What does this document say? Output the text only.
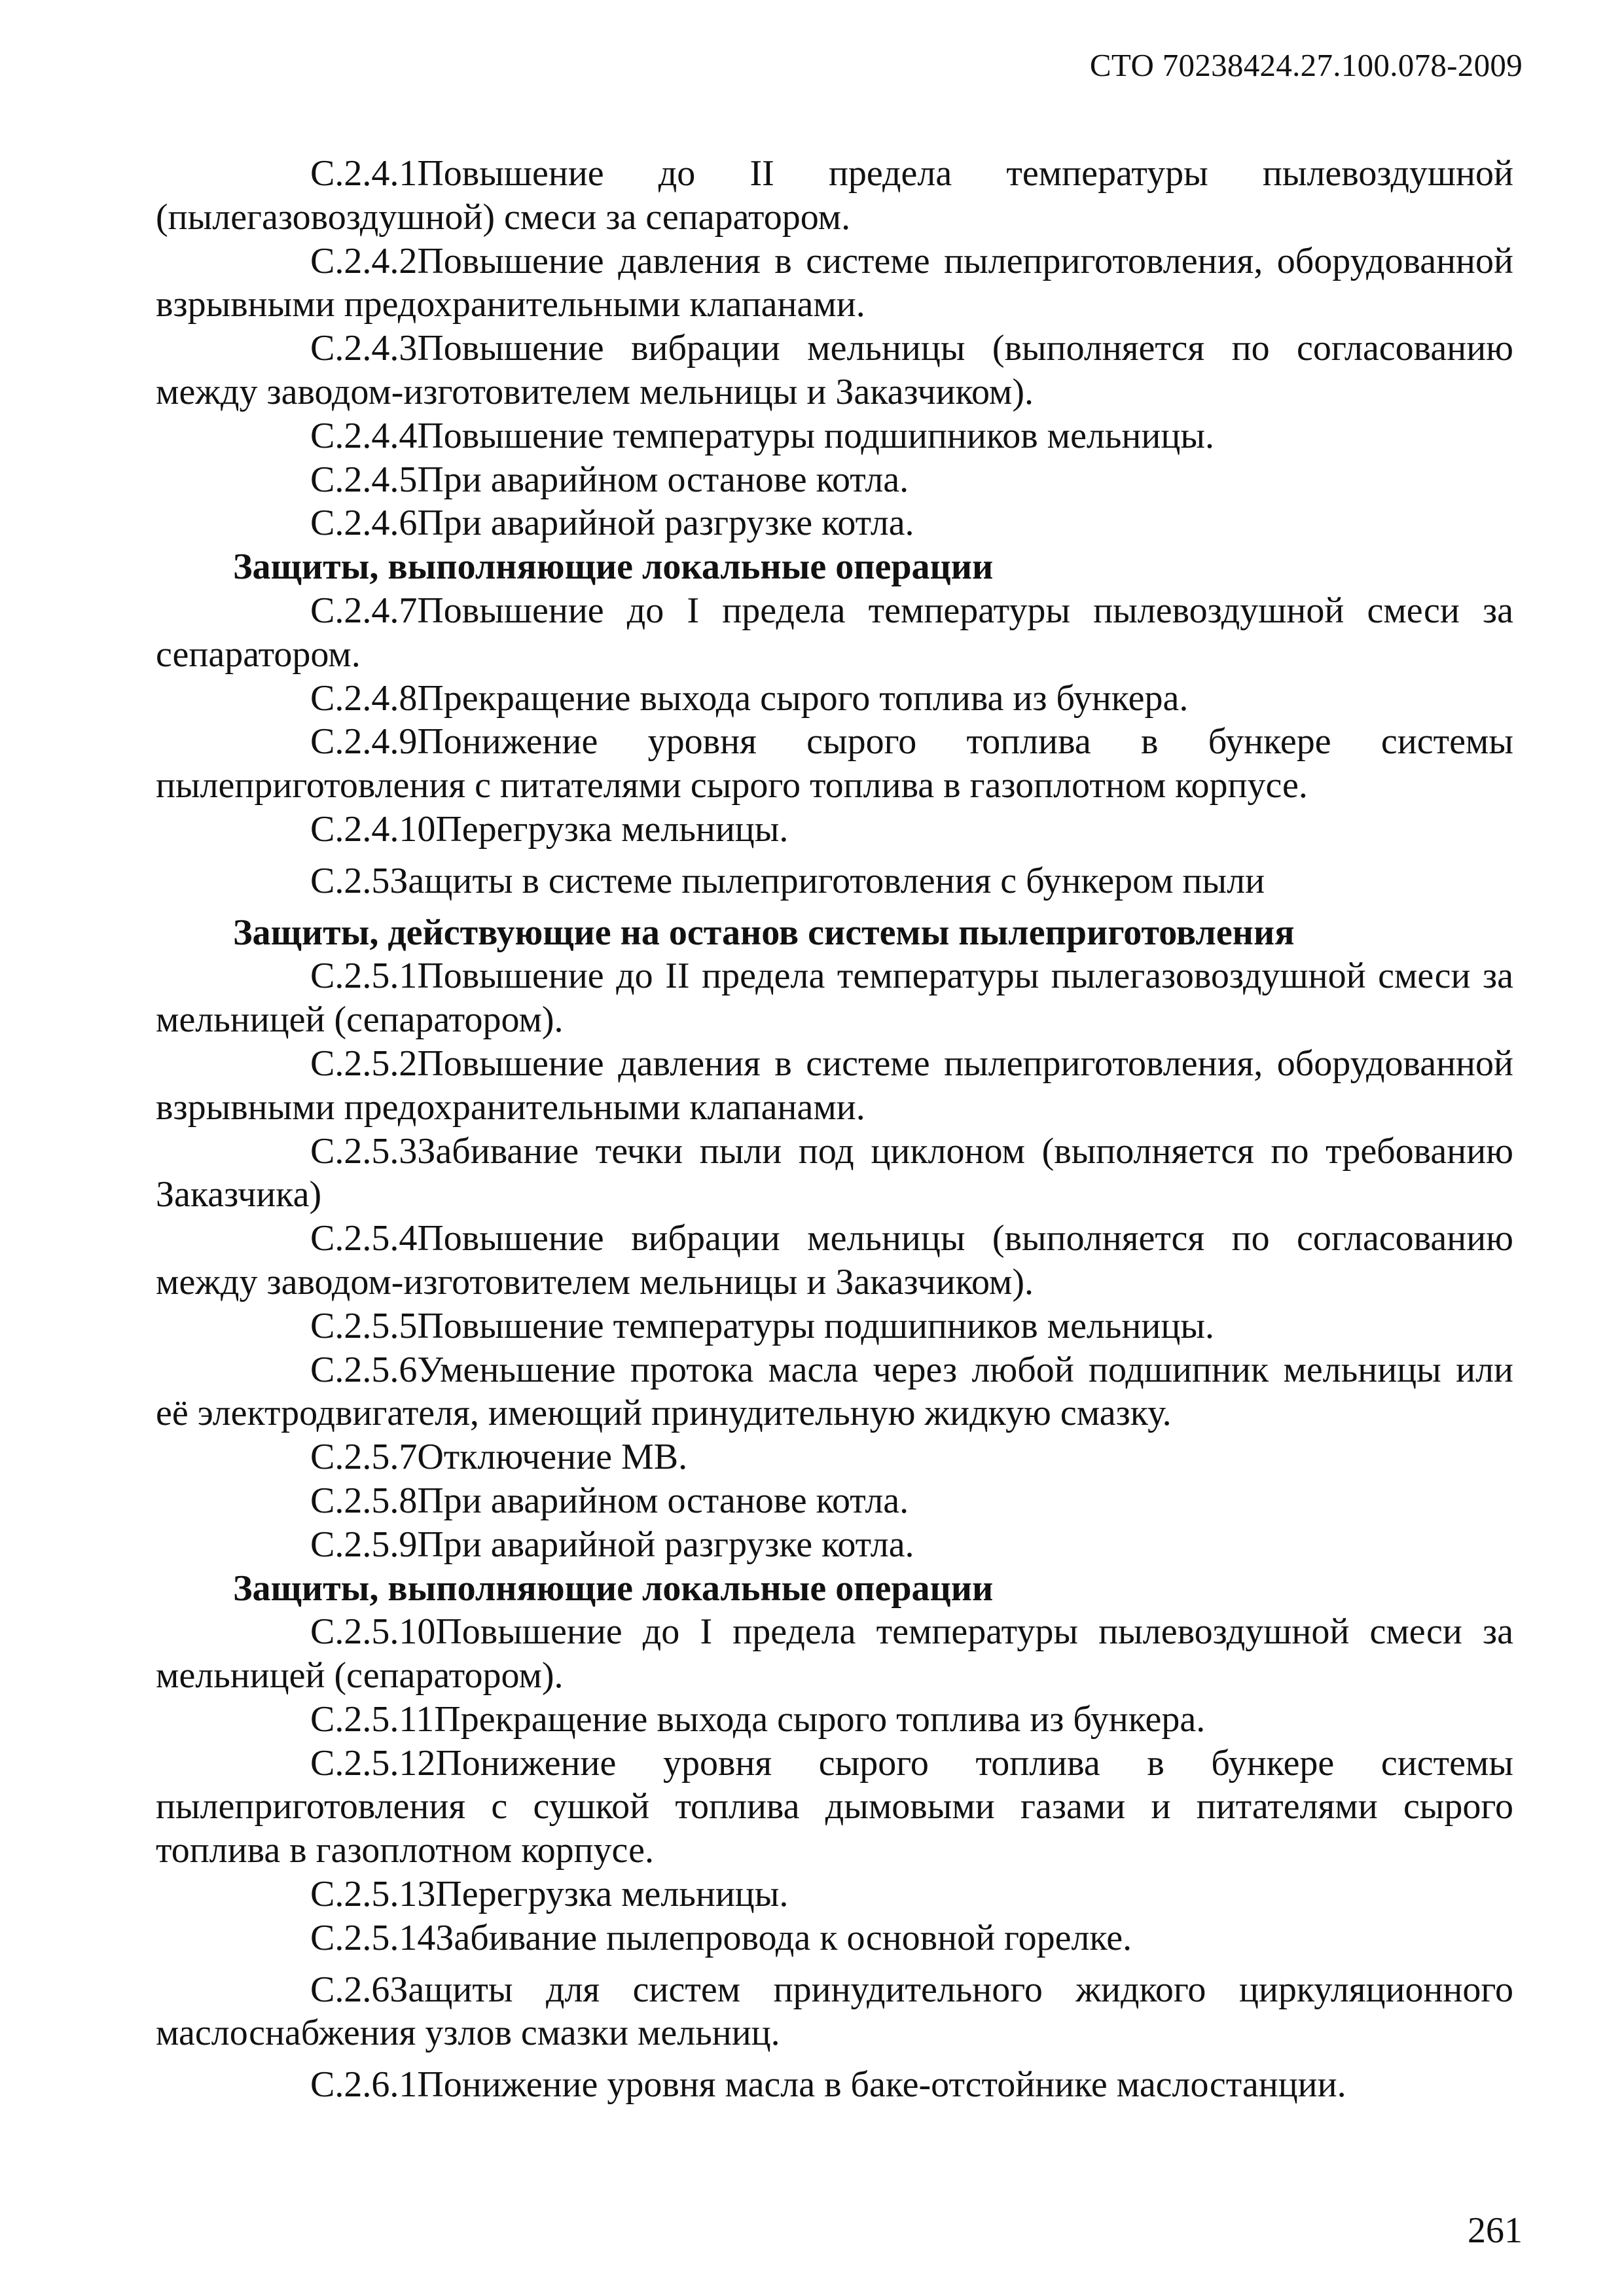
СТО 70238424.27.100.078-2009

С.2.4.1Повышение до II предела температуры пылевоздушной (пылегазовоздушной) смеси за сепаратором.

С.2.4.2Повышение давления в системе пылеприготовления, оборудованной взрывными предохранительными клапанами.

С.2.4.3Повышение вибрации мельницы (выполняется по согласованию между заводом-изготовителем мельницы и Заказчиком).

С.2.4.4Повышение температуры подшипников мельницы.

С.2.4.5При аварийном останове котла.

С.2.4.6При аварийной разгрузке котла.

Защиты, выполняющие локальные операции

С.2.4.7Повышение до I предела температуры пылевоздушной смеси за сепаратором.

С.2.4.8Прекращение выхода сырого топлива из бункера.

С.2.4.9Понижение уровня сырого топлива в бункере системы пылеприготовления с питателями сырого топлива в газоплотном корпусе.

С.2.4.10Перегрузка мельницы.

С.2.5Защиты в системе пылеприготовления с бункером пыли

Защиты, действующие на останов системы пылеприготовления

С.2.5.1Повышение до II предела температуры пылегазовоздушной смеси за мельницей (сепаратором).

С.2.5.2Повышение давления в системе пылеприготовления, оборудованной взрывными предохранительными клапанами.

С.2.5.3Забивание течки пыли под циклоном (выполняется по требованию Заказчика)

С.2.5.4Повышение вибрации мельницы (выполняется по согласованию между заводом-изготовителем мельницы и Заказчиком).

С.2.5.5Повышение температуры подшипников мельницы.

С.2.5.6Уменьшение протока масла через любой подшипник мельницы или её электродвигателя, имеющий принудительную жидкую смазку.

С.2.5.7Отключение МВ.

С.2.5.8При аварийном останове котла.

С.2.5.9При аварийной разгрузке котла.

Защиты, выполняющие локальные операции

С.2.5.10Повышение до I предела температуры пылевоздушной смеси за мельницей (сепаратором).

С.2.5.11Прекращение выхода сырого топлива из бункера.

С.2.5.12Понижение уровня сырого топлива в бункере системы пылеприготовления с сушкой топлива дымовыми газами и питателями сырого топлива в газоплотном корпусе.

С.2.5.13Перегрузка мельницы.

С.2.5.14Забивание пылепровода к основной горелке.

С.2.6Защиты для систем принудительного жидкого циркуляционного маслоснабжения узлов смазки мельниц.

С.2.6.1Понижение уровня масла в баке-отстойнике маслостанции.

261
